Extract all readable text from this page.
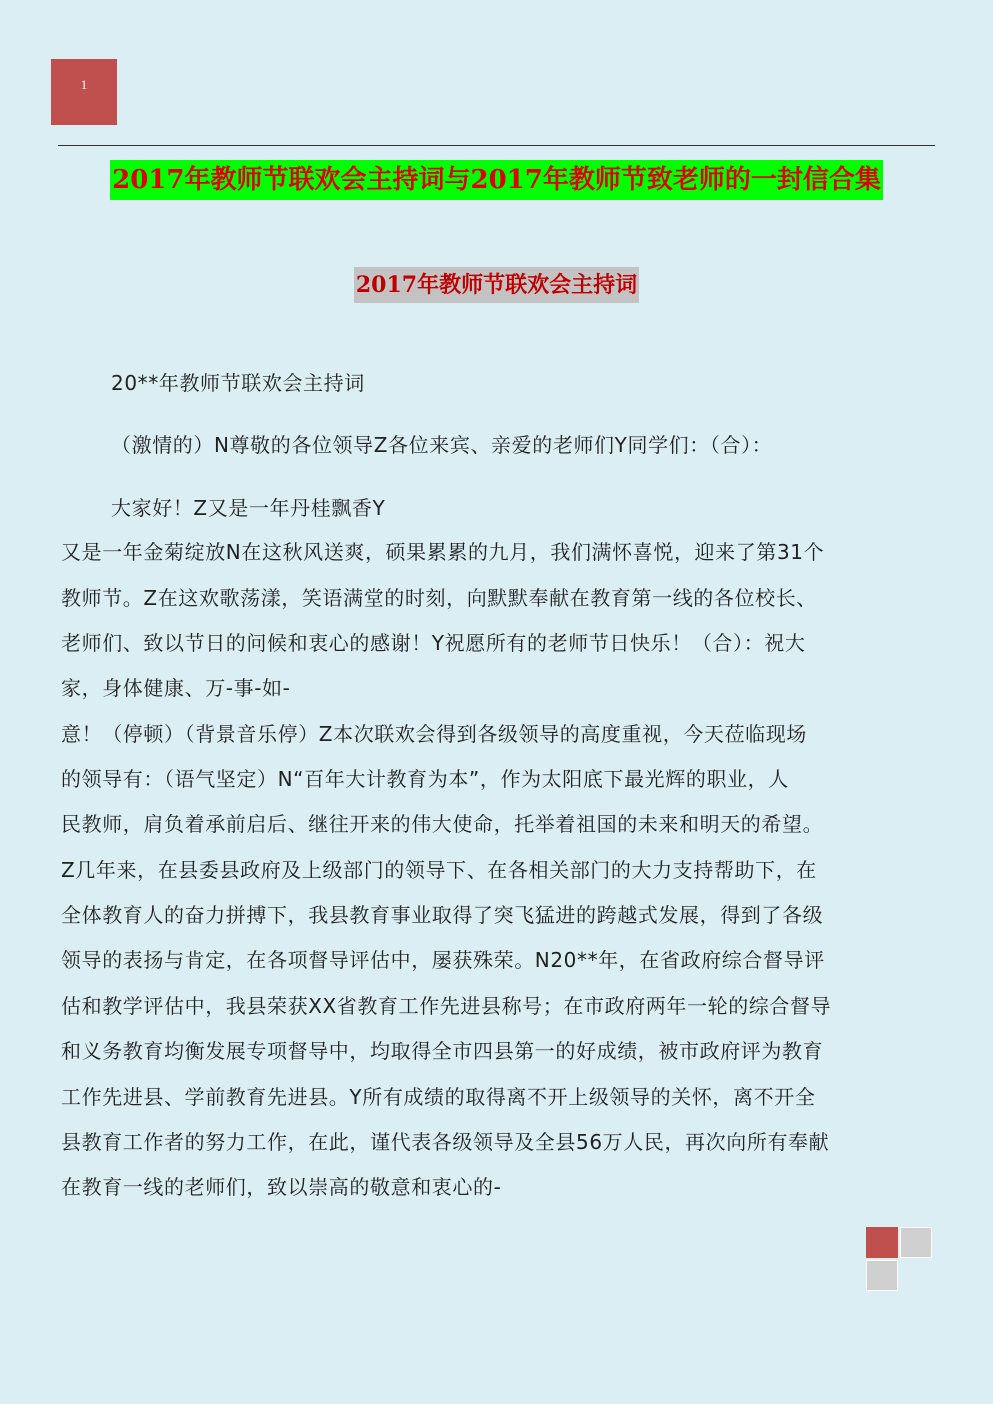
1
2017年教师节联欢会主持词与2017年教师节致老师的一封信合集
2017年教师节联欢会主持词
20**年教师节联欢会主持词
（激情的）N尊敬的各位领导Z各位来宾、亲爱的老师们Y同学们：（合）：
大家好！Z又是一年丹桂飘香Y
又是一年金菊绽放N在这秋风送爽，硕果累累的九月，我们满怀喜悦，迎来了第31个
教师节。Z在这欢歌荡漾，笑语满堂的时刻，向默默奉献在教育第一线的各位校长、
老师们、致以节日的问候和衷心的感谢！Y祝愿所有的老师节日快乐！（合）：祝大
家，身体健康、万-事-如-
意！（停顿）（背景音乐停）Z本次联欢会得到各级领导的高度重视，今天莅临现场
的领导有：（语气坚定）N“百年大计教育为本”，作为太阳底下最光辉的职业，人
民教师，肩负着承前启后、继往开来的伟大使命，托举着祖国的未来和明天的希望。
Z几年来，在县委县政府及上级部门的领导下、在各相关部门的大力支持帮助下，在
全体教育人的奋力拼搏下，我县教育事业取得了突飞猛进的跨越式发展，得到了各级
领导的表扬与肯定，在各项督导评估中，屡获殊荣。N20**年，在省政府综合督导评
估和教学评估中，我县荣获XX省教育工作先进县称号；在市政府两年一轮的综合督导
和义务教育均衡发展专项督导中，均取得全市四县第一的好成绩，被市政府评为教育
工作先进县、学前教育先进县。Y所有成绩的取得离不开上级领导的关怀，离不开全
县教育工作者的努力工作，在此，谨代表各级领导及全县56万人民，再次向所有奉献
在教育一线的老师们，致以崇高的敬意和衷心的-
